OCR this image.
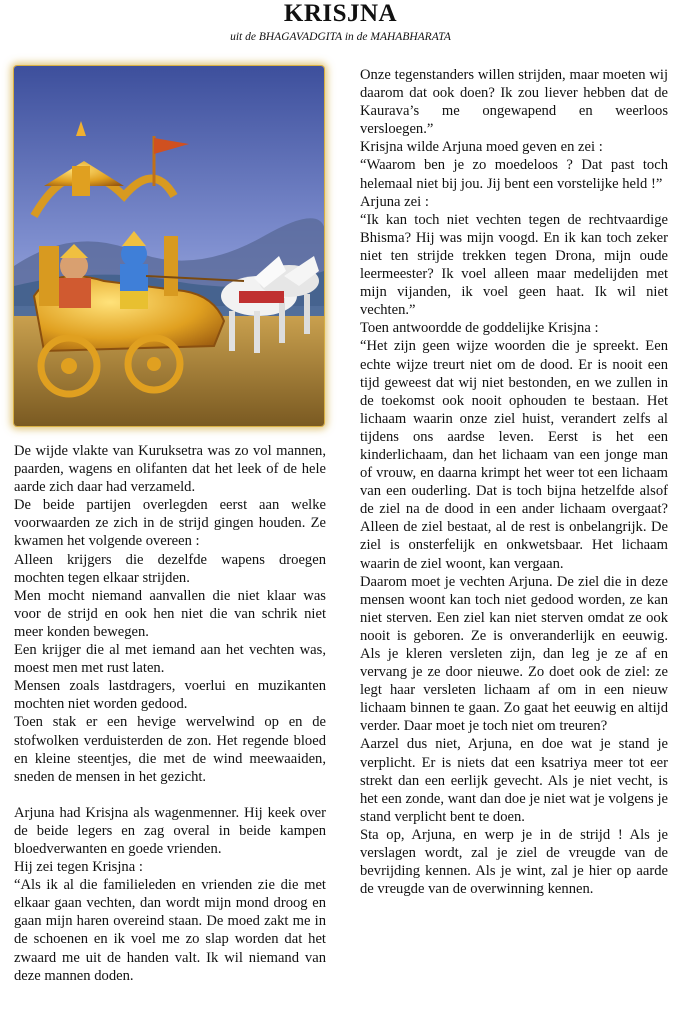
KRISJNA
uit de BHAGAVADGITA in de MAHABHARATA

De wijde vlakte van Kuruksetra was zo vol mannen, paarden, wagens en olifanten dat het leek of de hele aarde zich daar had verzameld.

De beide partijen overlegden eerst aan welke voorwaarden ze zich in de strijd gingen houden. Ze kwamen het volgende overeen :

Alleen krijgers die dezelfde wapens droegen mochten tegen elkaar strijden.

Men mocht niemand aanvallen die niet klaar was voor de strijd en ook hen niet die van schrik niet meer konden bewegen.

Een krijger die al met iemand aan het vechten was, moest men met rust laten.

Mensen zoals lastdragers, voerlui en muzikanten mochten niet worden gedood.

Toen stak er een hevige wervelwind op en de stofwolken verduisterden de zon. Het regende bloed en kleine steentjes, die met de wind meewaaiden, sneden de mensen in het gezicht.

Arjuna had Krisjna als wagenmenner. Hij keek over de beide legers en zag overal in beide kampen bloedverwanten en goede vrienden.

Hij zei tegen Krisjna :

“Als ik al die familieleden en vrienden zie die met elkaar gaan vechten, dan wordt mijn mond droog en gaan mijn haren overeind staan. De moed zakt me in de schoenen en ik voel me zo slap worden dat het zwaard me uit de handen valt. Ik wil niemand van deze mannen doden.

Onze tegenstanders willen strijden, maar moeten wij daarom dat ook doen? Ik zou liever hebben dat de Kaurava’s me ongewapend en weerloos versloegen.”

Krisjna wilde Arjuna moed geven en zei :

“Waarom ben je zo moedeloos ? Dat past toch helemaal niet bij jou. Jij bent een vorstelijke held !”

Arjuna zei :

“Ik kan toch niet vechten tegen de rechtvaardige Bhisma? Hij was mijn voogd. En ik kan toch zeker niet ten strijde trekken tegen Drona, mijn oude leermeester? Ik voel alleen maar medelijden met mijn vijanden, ik voel geen haat. Ik wil niet vechten.”

Toen antwoordde de goddelijke Krisjna :

“Het zijn geen wijze woorden die je spreekt. Een echte wijze treurt niet om de dood. Er is nooit een tijd geweest dat wij niet bestonden, en we zullen in de toekomst ook nooit ophouden te bestaan. Het lichaam waarin onze ziel huist, verandert zelfs al tijdens ons aardse leven. Eerst is het een kinderlichaam, dan het lichaam van een jonge man of vrouw, en daarna krimpt het weer tot een lichaam van een ouderling. Dat is toch bijna hetzelfde alsof de ziel na de dood in een ander lichaam overgaat? Alleen de ziel bestaat, al de rest is onbelangrijk. De ziel is onsterfelijk en onkwetsbaar. Het lichaam waarin de ziel woont, kan vergaan.

Daarom moet je vechten Arjuna. De ziel die in deze mensen woont kan toch niet gedood worden, ze kan niet sterven. Een ziel kan niet sterven omdat ze ook nooit is geboren. Ze is onveranderlijk en eeuwig. Als je kleren versleten zijn, dan leg je ze af en vervang je ze door nieuwe. Zo doet ook de ziel: ze legt haar versleten lichaam af om in een nieuw lichaam binnen te gaan. Zo gaat het eeuwig en altijd verder. Daar moet je toch niet om treuren?

Aarzel dus niet, Arjuna, en doe wat je stand je verplicht. Er is niets dat een ksatriya meer tot eer strekt dan een eerlijk gevecht. Als je niet vecht, is het een zonde, want dan doe je niet wat je volgens je stand verplicht bent te doen.

Sta op, Arjuna, en werp je in de strijd ! Als je verslagen wordt, zal je ziel de vreugde van de bevrijding kennen. Als je wint, zal je hier op aarde de vreugde van de overwinning kennen.
